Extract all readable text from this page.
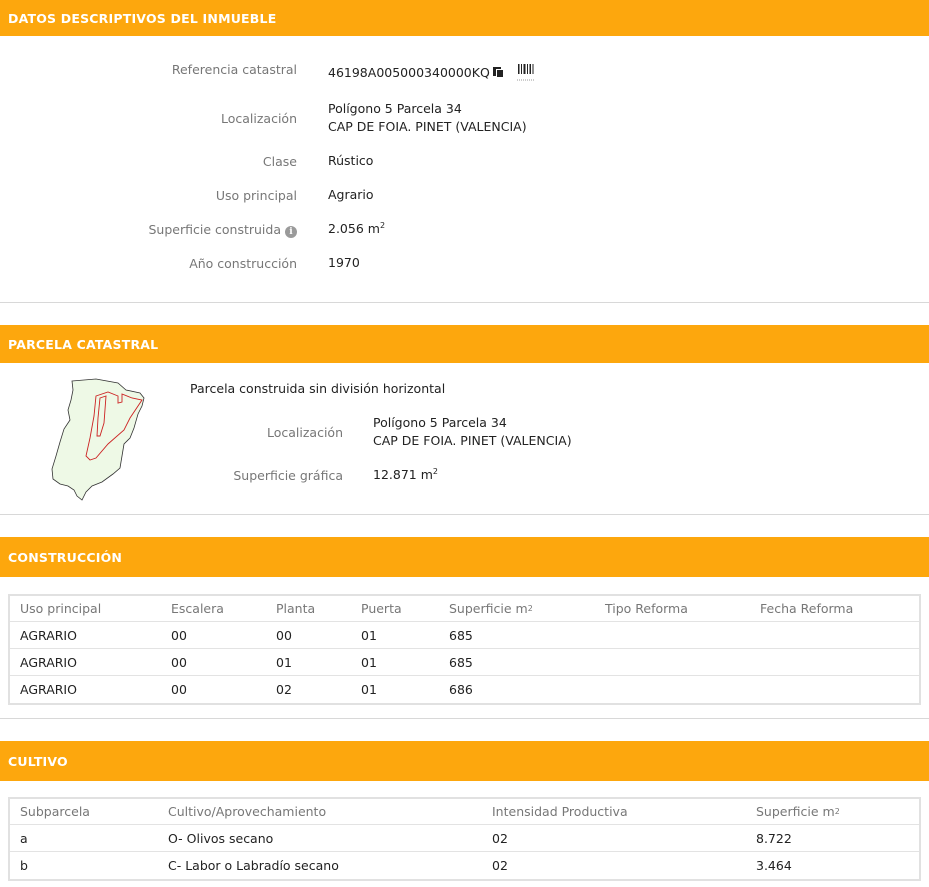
DATOS DESCRIPTIVOS DEL INMUEBLE
Referencia catastral 46198A005000340000KQ
Localización
Polígono 5 Parcela 34
CAP DE FOIA. PINET (VALENCIA)
Clase Rústico
Uso principal Agrario
Superficie construida i	2.056 $m^2$
Año construcción 1970
PARCELA CATASTRAL
Parcela construida sin división horizontal
Localización
Polígono 5 Parcela 34
CAP DE FOIA. PINET (VALENCIA)
Superficie gráfica 12.871 $m^2$
CONSTRUCCIÓN
Uso principal	Escalera	Planta	Puerta	Superficie m 2	Tipo Reforma	Fecha Reforma
AGRARIO	00	00	01	685
AGRARIO	00	01	01	685
AGRARIO	00	02	01	686
CULTIVO
Subparcela	Cultivo/Aprovechamiento	Intensidad Productiva	Superficie m 2
a	O- Olivos secano	02	8.722
b	C- Labor o Labradío secano	02	3.464
